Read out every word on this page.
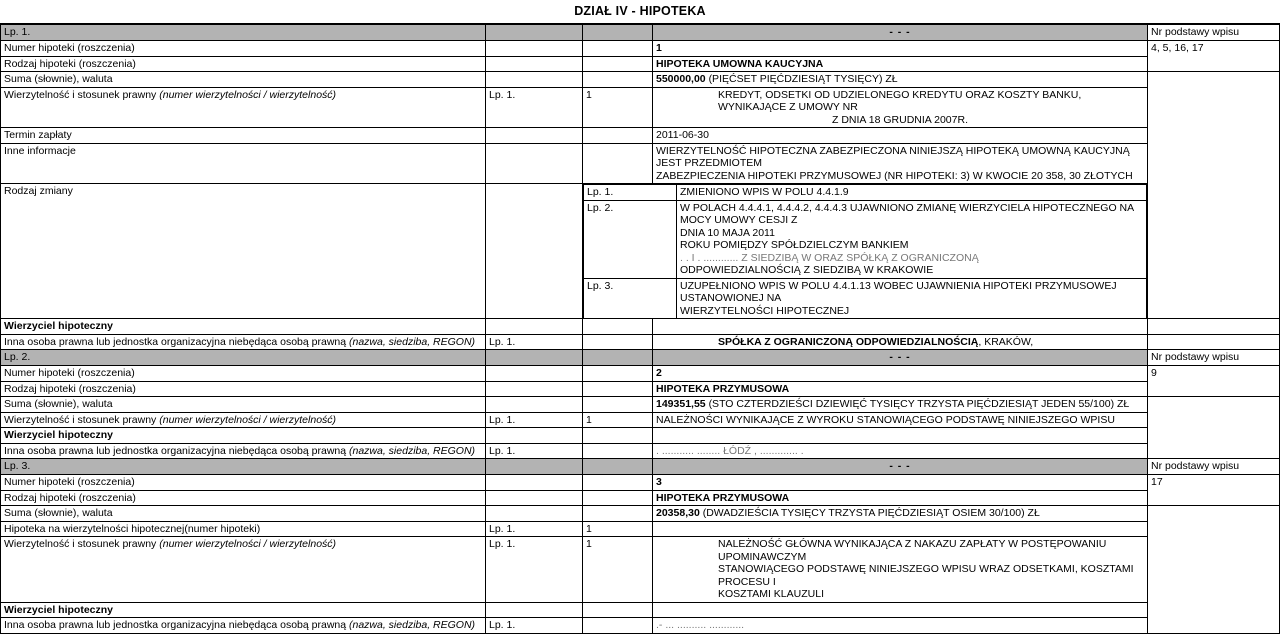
DZIAŁ IV - HIPOTEKA
Lp. 1.			- - -	Nr podstawy wpisu
Numer hipoteki (roszczenia)			1	4, 5, 16, 17
Rodzaj hipoteki (roszczenia)			HIPOTEKA UMOWNA KAUCYJNA
Suma (słownie), waluta			550000,00 (PIĘĆSET PIĘĆDZIESIĄT TYSIĘCY) ZŁ	
Wierzytelność i stosunek prawny (numer wierzytelności / wierzytelność)	Lp. 1.	1	KREDYT, ODSETKI OD UDZIELONEGO KREDYTU ORAZ KOSZTY BANKU, WYNIKAJĄCE Z UMOWY NR
Z DNIA 18 GRUDNIA 2007R.

Termin zapłaty			2011-06-30
Inne informacje			WIERZYTELNOŚĆ HIPOTECZNA ZABEZPIECZONA NINIEJSZĄ HIPOTEKĄ UMOWNĄ KAUCYJNĄ JEST PRZEDMIOTEM
ZABEZPIECZENIA HIPOTEKI PRZYMUSOWEJ (NR HIPOTEKI: 3) W KWOCIE 20 358, 30 ZŁOTYCH

Rodzaj zmiany			Lp. 1.	ZMIENIONO WPIS W POLU 4.4.1.9

Lp. 2.	W POLACH 4.4.4.1, 4.4.4.2, 4.4.4.3 UJAWNIONO ZMIANĘ WIERZYCIELA HIPOTECZNEGO NA MOCY UMOWY CESJI Z
DNIA 10 MAJA 2011
ROKU POMIĘDZY SPÓŁDZIELCZYM BANKIEM
. . I . ............ Z SIEDZIBĄ W ORAZ SPÓŁKĄ Z OGRANICZONĄ
ODPOWIEDZIALNOŚCIĄ Z SIEDZIBĄ W KRAKOWIE

Lp. 3.	UZUPEŁNIONO WPIS W POLU 4.4.1.13 WOBEC UJAWNIENIA HIPOTEKI PRZYMUSOWEJ USTANOWIONEJ NA
WIERZYTELNOŚCI HIPOTECZNEJ

Wierzyciel hipoteczny				
Inna osoba prawna lub jednostka organizacyjna niebędąca osobą prawną (nazwa, siedziba, REGON)	Lp. 1.		SPÓŁKA Z OGRANICZONĄ ODPOWIEDZIALNOŚCIĄ, KRAKÓW,	
Lp. 2.			- - -	Nr podstawy wpisu
Numer hipoteki (roszczenia)			2	9
Rodzaj hipoteki (roszczenia)			HIPOTEKA PRZYMUSOWA
Suma (słownie), waluta			149351,55 (STO CZTERDZIEŚCI DZIEWIĘĆ TYSIĘCY TRZYSTA PIĘĆDZIESIĄT JEDEN 55/100) ZŁ	
Wierzytelność i stosunek prawny (numer wierzytelności / wierzytelność)	Lp. 1.	1	NALEŻNOŚCI WYNIKAJĄCE Z WYROKU STANOWIĄCEGO PODSTAWĘ NINIEJSZEGO WPISU
Wierzyciel hipoteczny			
Inna osoba prawna lub jednostka organizacyjna niebędąca osobą prawną (nazwa, siedziba, REGON)	Lp. 1.		. ........... ........ ŁÓDŹ , ............. .
Lp. 3.			- - -	Nr podstawy wpisu
Numer hipoteki (roszczenia)			3	17
Rodzaj hipoteki (roszczenia)			HIPOTEKA PRZYMUSOWA
Suma (słownie), waluta			20358,30 (DWADZIEŚCIA TYSIĘCY TRZYSTA PIĘĆDZIESIĄT OSIEM 30/100) ZŁ	
Hipoteka na wierzytelności hipotecznej(numer hipoteki)	Lp. 1.	1	
Wierzytelność i stosunek prawny (numer wierzytelności / wierzytelność)	Lp. 1.	1	NALEŻNOŚĆ GŁÓWNA WYNIKAJĄCA Z NAKAZU ZAPŁATY W POSTĘPOWANIU UPOMINAWCZYM
STANOWIĄCEGO PODSTAWĘ NINIEJSZEGO WPISU WRAZ ODSETKAMI, KOSZTAMI PROCESU I
KOSZTAMI KLAUZULI

Wierzyciel hipoteczny			
Inna osoba prawna lub jednostka organizacyjna niebędąca osobą prawną (nazwa, siedziba, REGON)	Lp. 1.		.- ... .......... ............
